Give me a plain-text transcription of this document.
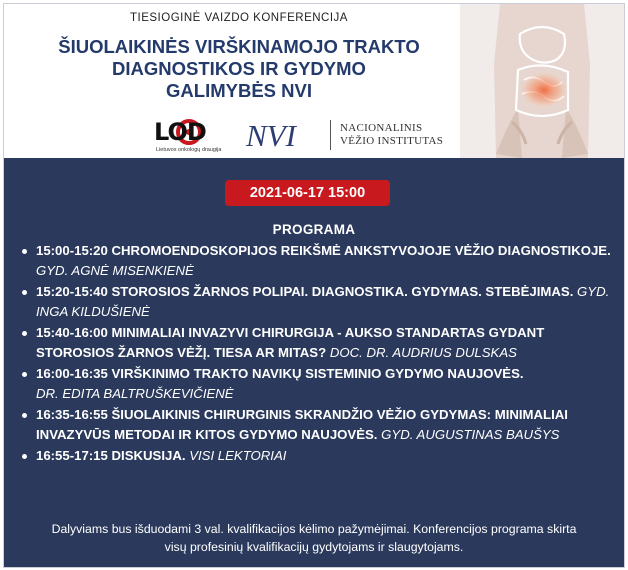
TIESIOGINĖ VAIZDO KONFERENCIJA
ŠIUOLAIKINĖS VIRŠKINAMOJO TRAKTO
DIAGNOSTIKOS IR GYDYMO
GALIMYBĖS NVI
LOD
Lietuvos onkologų draugija NVI	NACIONALINIS
VĖŽIO INSTITUTAS
2021-06-17 15:00
PROGRAMA
15:00-15:20 CHROMOENDOSKOPIJOS REIKŠMĖ ANKSTYVOJOJE VĖŽIO DIAGNOSTIKOJE. GYD. AGNĖ MISENKIENĖ
15:20-15:40 STOROSIOS ŽARNOS POLIPAI. DIAGNOSTIKA. GYDYMAS. STEBĖJIMAS. GYD. INGA KILDUŠIENĖ
15:40-16:00 MINIMALIAI INVAZYVI CHIRURGIJA - AUKSO STANDARTAS GYDANT STOROSIOS ŽARNOS VĖŽĮ. TIESA AR MITAS? DOC. DR. AUDRIUS DULSKAS
16:00-16:35 VIRŠKINIMO TRAKTO NAVIKŲ SISTEMINIO GYDYMO NAUJOVĖS.
DR. EDITA BALTRUŠKEVIČIENĖ
16:35-16:55 ŠIUOLAIKINIS CHIRURGINIS SKRANDŽIO VĖŽIO GYDYMAS: MINIMALIAI INVAZYVŪS METODAI IR KITOS GYDYMO NAUJOVĖS. GYD. AUGUSTINAS BAUŠYS
16:55-17:15 DISKUSIJA. VISI LEKTORIAI
Dalyviams bus išduodami 3 val. kvalifikacijos kėlimo pažymėjimai. Konferencijos programa skirta
visų profesinių kvalifikacijų gydytojams ir slaugytojams.
